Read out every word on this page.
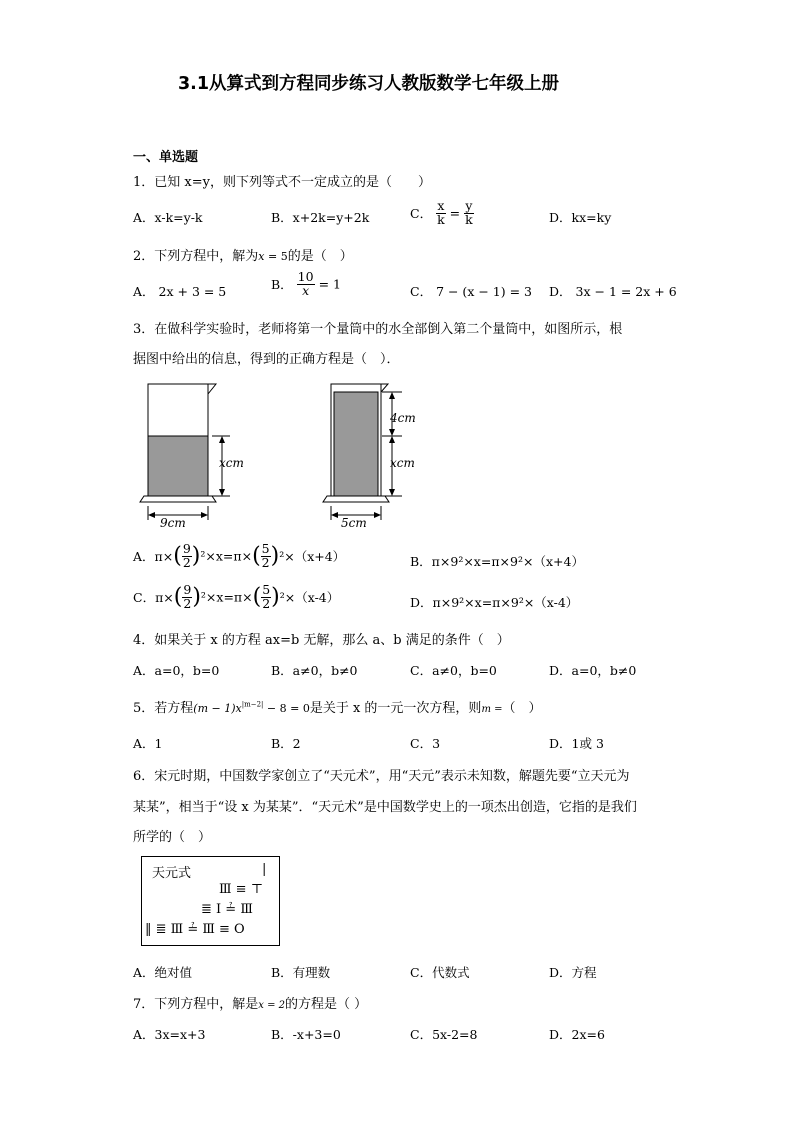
3.1从算式到方程同步练习人教版数学七年级上册
一、单选题
1．已知 x=y，则下列等式不一定成立的是（　　）
A．x-k=y-k	B．x+2k=y+2k	C． $\frac{x}{k} = \frac{y}{k}$	D．kx=ky
2．下列方程中，解为x = 5的是（　）
A． 2x + 3 = 5	B． $\frac{10}{x} = 1$	C． 7 − (x − 1) = 3 D． 3x − 1 = 2x + 6
3．在做科学实验时，老师将第一个量筒中的水全部倒入第二个量筒中，如图所示，根
据图中给出的信息，得到的正确方程是（　）．
xcm
9cm
4cm
xcm
5cm
A．$\pi\times( \frac{9}{2} )^2\times x=\pi\times( \frac{5}{2} )^2\times(x+4)$	B．π×9²×x=π×9²×（x+4）
C．$\pi\times( \frac{9}{2} )^2\times x=\pi\times( \frac{5}{2} )^2\times(x-4)$	D．π×9²×x=π×9²×（x-4）
4．如果关于 x 的方程 ax=b 无解，那么 a、b 满足的条件（　）
A．a=0，b=0	B．a≠0，b≠0	C．a≠0，b=0	D．a=0，b≠0
5．若方程$(m - 1)x^{|m-2|} - 8 = 0$是关于 x 的一元一次方程，则m =（　）
A．1	B．2	C．3	D．1或 3
6．宋元时期，中国数学家创立了“天元术”，用“天元”表示未知数，解题先要“立天元为
某某”，相当于“设 x 为某某”．“天元术”是中国数学史上的一项杰出创造，它指的是我们
所学的（　）
天元式	|
Ⅲ ≡ ⊤
≣ Ⅰ ≟ Ⅲ
‖ ≣ Ⅲ ≟ Ⅲ ≡ O
A．绝对值	B．有理数	C．代数式	D．方程
7．下列方程中，解是x = 2的方程是（ ）
A．3x=x+3	B．-x+3=0	C．5x-2=8	D．2x=6
